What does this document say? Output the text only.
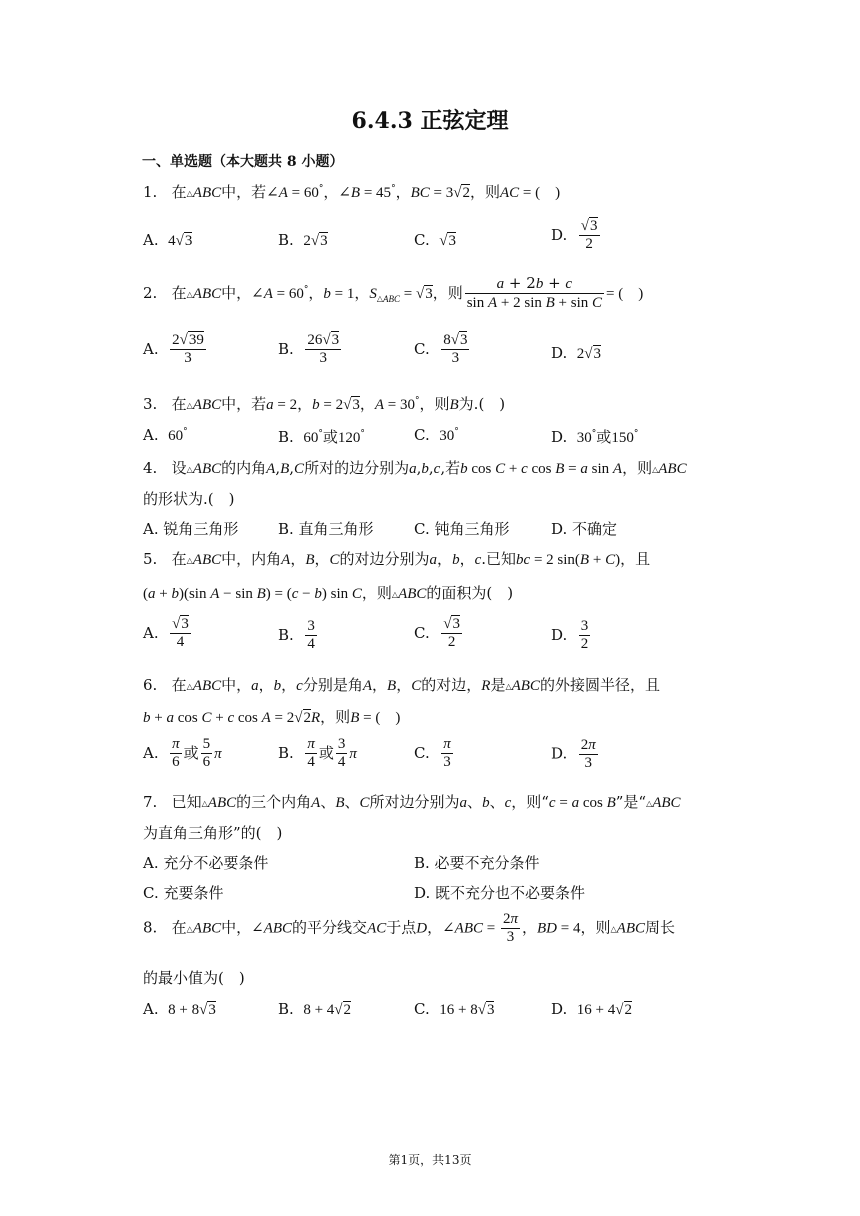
6.4.3 正弦定理
一、单选题（本大题共 8 小题）
1.   在△ABC中，若∠A = 60°，∠B = 45°，BC = 3√2，则AC = (　)
A.  4√3	B.  2√3	C.  √3	D. $\frac{√3}{2}$
2.   在△ABC中，∠A = 60°，b = 1，$S_{\triangle ABC} = √3$，则 $\frac{a + 2b + c}{\text{sin A + 2 sin B + sin C}}$ = (　)
A. $\frac{2√39}{3}$	B. $\frac{26√3}{3}$	C. $\frac{8√3}{3}$	D.  2√3
3.   在△ABC中，若a = 2，b = 2√3，A = 30°，则B为.(　)
A.  60°	B.  60°或120°	C.  30°	D.  30°或150°
4.   设△ABC的内角A,B,C所对的边分别为a,b,c,若b cos C + c cos B = a sin A，则△ABC
的形状为.(　)
A. 锐角三角形	B. 直角三角形	C. 钝角三角形	D. 不确定
5.   在△ABC中，内角A，B，C的对边分别为a，b，c.已知bc = 2 sin(B + C)，且
(a + b)(sin A − sin B) = (c − b) sin C，则△ABC的面积为(　)
A. $\frac{√3}{4}$	B. $\frac{3}{4}$	C. $\frac{√3}{2}$	D. $\frac{3}{2}$
6.   在△ABC中，a，b，c分别是角A，B，C的对边，R是△ABC的外接圆半径，且
b + a cos C + c cos A = 2√2R，则B = (　)
A. $\frac{\pi}{6}$ 或 $\frac{5}{6}$ π	B. $\frac{\pi}{4}$ 或 $\frac{3}{4}$ π	C. $\frac{\pi}{3}$	D. $\frac{2\pi}{3}$
7.   已知△ABC的三个内角A、B、C所对边分别为a、b、c，则“c = a cos B”是“△ABC
为直角三角形”的(　)
A. 充分不必要条件	B. 必要不充分条件
C. 充要条件	D. 既不充分也不必要条件
8.   在△ABC中，∠ABC的平分线交AC于点D，∠ABC = $\frac{2\pi}{3}$ ，BD = 4，则△ABC周长
的最小值为(　)
A.  8 + 8√3	B.  8 + 4√2	C.  16 + 8√3	D.  16 + 4√2
第1页，共13页
